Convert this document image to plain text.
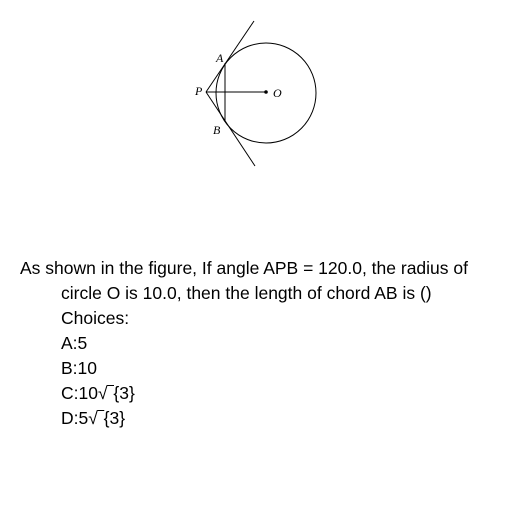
A
P	O
B
As shown in the figure, If angle APB = 120.0, the radius of circle O is 10.0, then the length of chord AB is ()
Choices:
A:5
B:10
C:10√‾{3}
D:5√‾{3}
